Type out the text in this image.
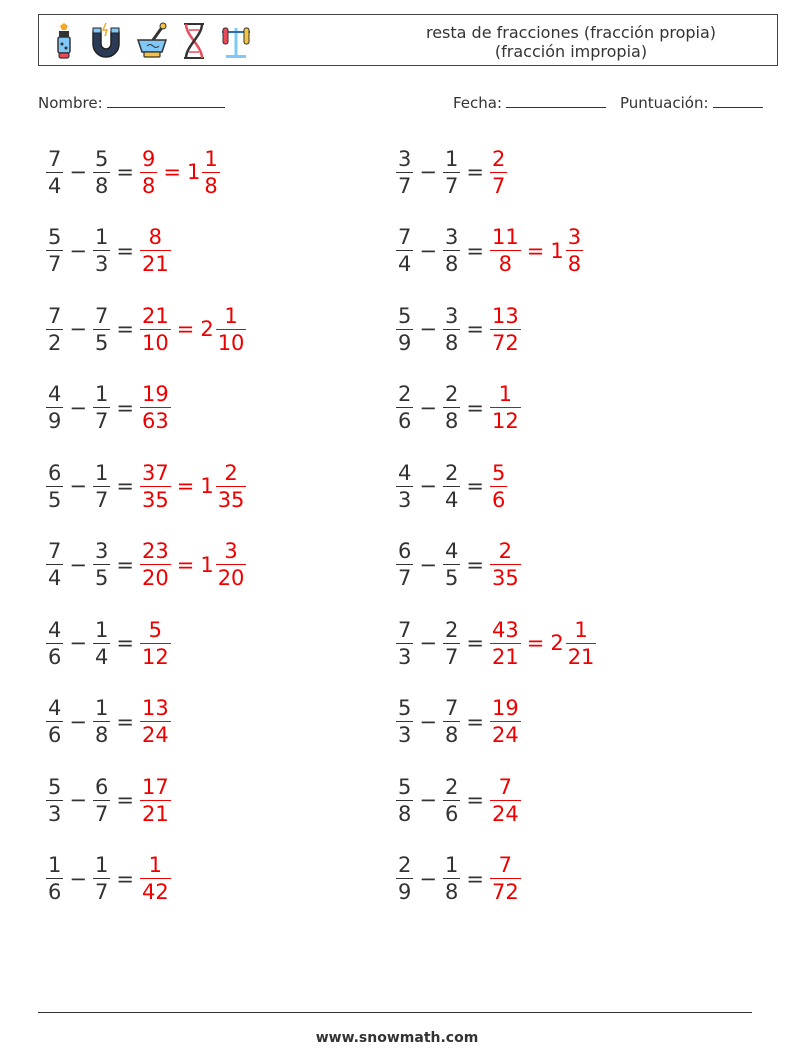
resta de fracciones (fracción propia) (fracción impropia)
Nombre:	Fecha:	Puntuación:
$\frac{7}{4} - \frac{5}{8} = \frac{9}{8} = 1 \frac{1}{8}$	$\frac{3}{7} - \frac{1}{7} = \frac{2}{7}$
$\frac{5}{7} - \frac{1}{3} = \frac{8}{21}$	$\frac{7}{4} - \frac{3}{8} = \frac{11}{8} = 1 \frac{3}{8}$
$\frac{7}{2} - \frac{7}{5} = \frac{21}{10} = 2 \frac{1}{10}$	$\frac{5}{9} - \frac{3}{8} = \frac{13}{72}$
$\frac{4}{9} - \frac{1}{7} = \frac{19}{63}$	$\frac{2}{6} - \frac{2}{8} = \frac{1}{12}$
$\frac{6}{5} - \frac{1}{7} = \frac{37}{35} = 1 \frac{2}{35}$	$\frac{4}{3} - \frac{2}{4} = \frac{5}{6}$
$\frac{7}{4} - \frac{3}{5} = \frac{23}{20} = 1 \frac{3}{20}$	$\frac{6}{7} - \frac{4}{5} = \frac{2}{35}$
$\frac{4}{6} - \frac{1}{4} = \frac{5}{12}$	$\frac{7}{3} - \frac{2}{7} = \frac{43}{21} = 2 \frac{1}{21}$
$\frac{4}{6} - \frac{1}{8} = \frac{13}{24}$	$\frac{5}{3} - \frac{7}{8} = \frac{19}{24}$
$\frac{5}{3} - \frac{6}{7} = \frac{17}{21}$	$\frac{5}{8} - \frac{2}{6} = \frac{7}{24}$
$\frac{1}{6} - \frac{1}{7} = \frac{1}{42}$	$\frac{2}{9} - \frac{1}{8} = \frac{7}{72}$
www.snowmath.com
